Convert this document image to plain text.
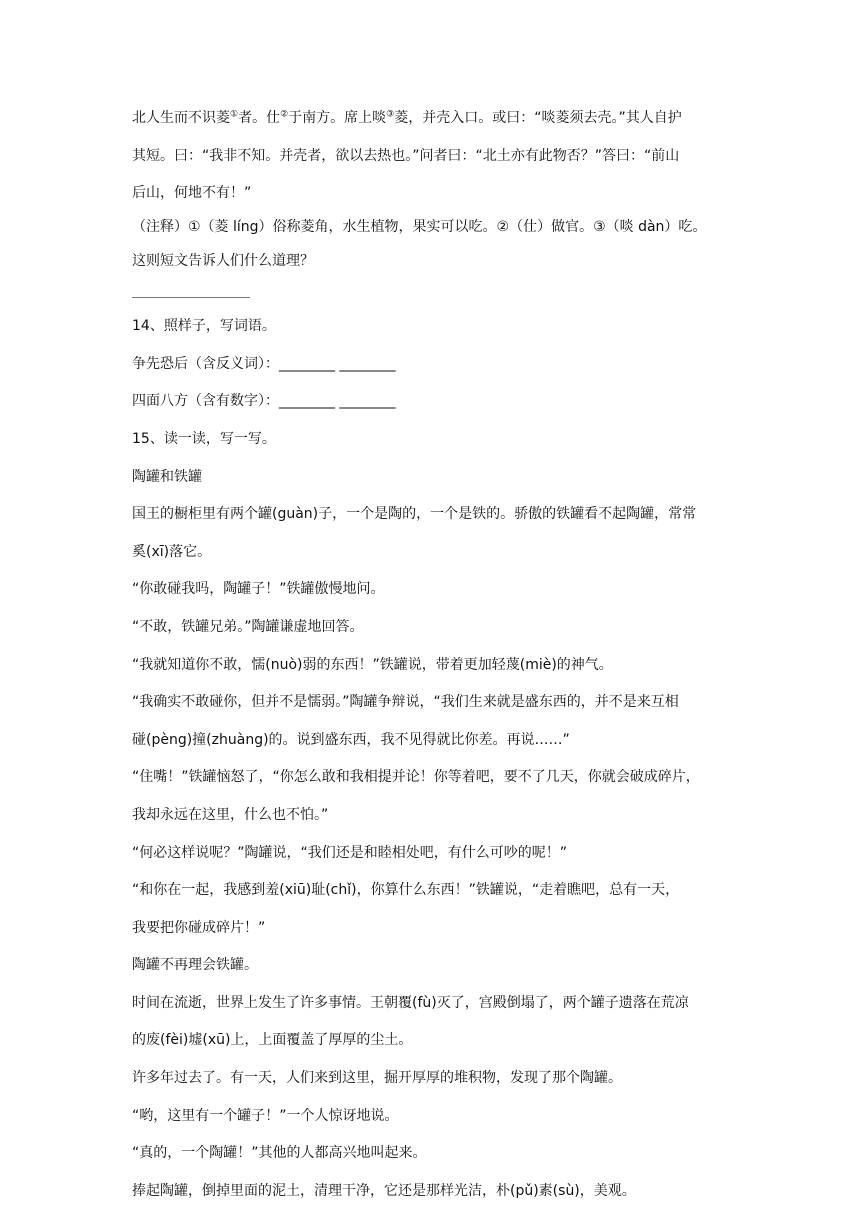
北人生而不识菱①者。仕②于南方。席上啖③菱，并壳入口。或曰：“啖菱须去壳。”其人自护
其短。曰：“我非不知。并壳者，欲以去热也。”问者曰：“北土亦有此物否？”答曰：“前山
后山，何地不有！”
（注释）①（菱 líng）俗称菱角，水生植物，果实可以吃。②（仕）做官。③（啖 dàn）吃。
这则短文告诉人们什么道理？
14、照样子，写词语。
争先恐后（含反义词）：________ ________
四面八方（含有数字）：________ ________
15、读一读，写一写。
陶罐和铁罐
国王的橱柜里有两个罐(guàn)子，一个是陶的，一个是铁的。骄傲的铁罐看不起陶罐，常常
奚(xī)落它。
“你敢碰我吗，陶罐子！”铁罐傲慢地问。
“不敢，铁罐兄弟。”陶罐谦虚地回答。
“我就知道你不敢，懦(nuò)弱的东西！”铁罐说，带着更加轻蔑(miè)的神气。
“我确实不敢碰你，但并不是懦弱。”陶罐争辩说，“我们生来就是盛东西的，并不是来互相
碰(pèng)撞(zhuàng)的。说到盛东西，我不见得就比你差。再说……”
“住嘴！”铁罐恼怒了，“你怎么敢和我相提并论！你等着吧，要不了几天，你就会破成碎片，
我却永远在这里，什么也不怕。”
“何必这样说呢？”陶罐说，“我们还是和睦相处吧，有什么可吵的呢！”
“和你在一起，我感到羞(xiū)耻(chǐ)，你算什么东西！”铁罐说，“走着瞧吧，总有一天，
我要把你碰成碎片！”
陶罐不再理会铁罐。
时间在流逝，世界上发生了许多事情。王朝覆(fù)灭了，宫殿倒塌了，两个罐子遗落在荒凉
的废(fèi)墟(xū)上，上面覆盖了厚厚的尘土。
许多年过去了。有一天，人们来到这里，掘开厚厚的堆积物，发现了那个陶罐。
“哟，这里有一个罐子！”一个人惊讶地说。
“真的，一个陶罐！”其他的人都高兴地叫起来。
捧起陶罐，倒掉里面的泥土，清理干净，它还是那样光洁，朴(pǔ)素(sù)，美观。
